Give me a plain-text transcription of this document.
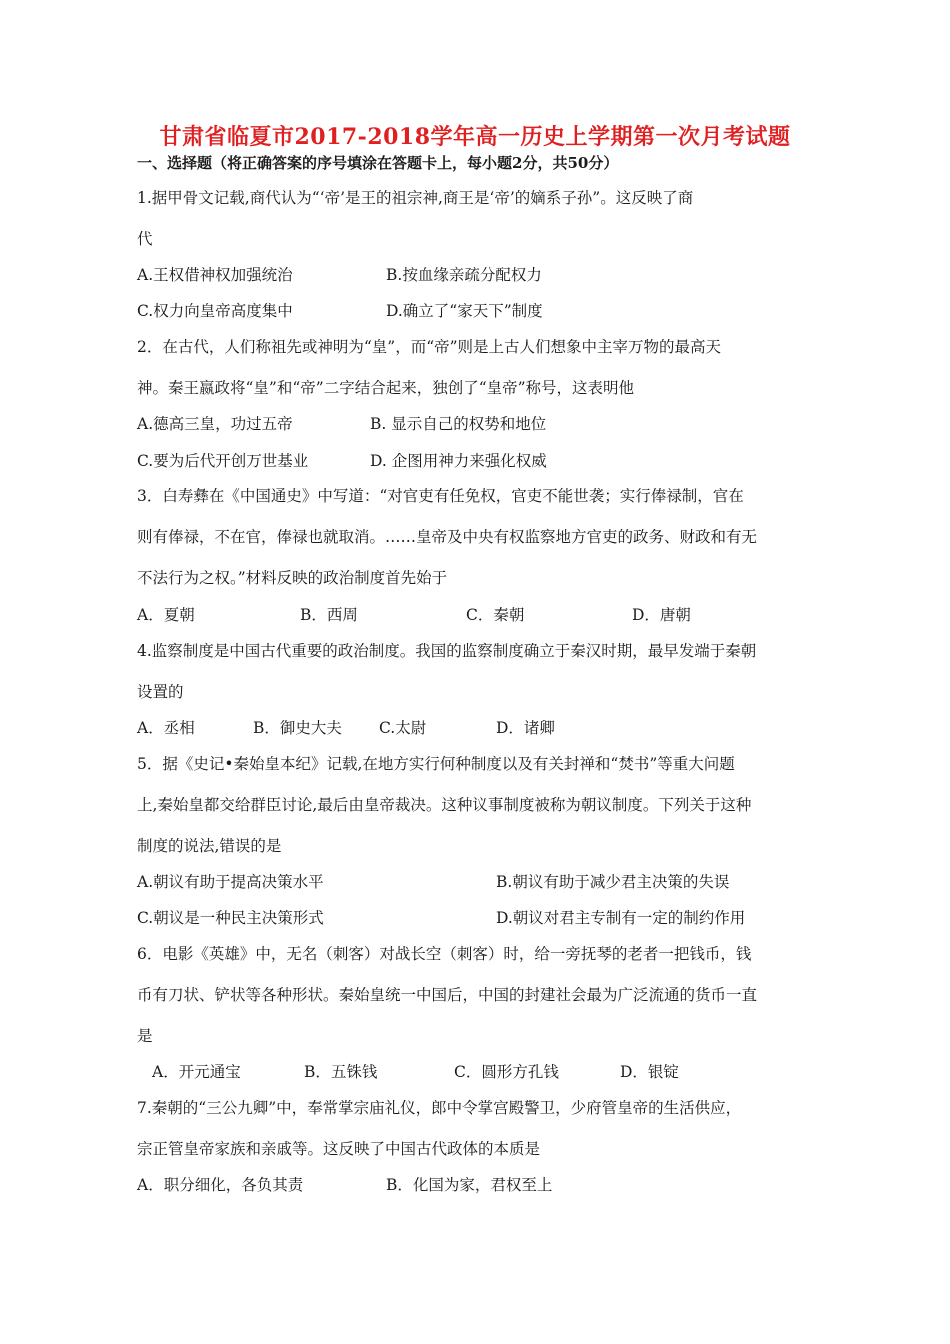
甘肃省临夏市2017-2018学年高一历史上学期第一次月考试题
一、选择题（将正确答案的序号填涂在答题卡上，每小题2分，共50分）
1.据甲骨文记载,商代认为“‘帝’是王的祖宗神,商王是‘帝’的嫡系子孙”。这反映了商
代
A.王权借神权加强统治	B.按血缘亲疏分配权力
C.权力向皇帝高度集中	D.确立了“家天下”制度
2．在古代，人们称祖先或神明为“皇”，而“帝”则是上古人们想象中主宰万物的最高天
神。秦王嬴政将“皇”和“帝”二字结合起来，独创了“皇帝”称号，这表明他
A.德高三皇，功过五帝	B. 显示自己的权势和地位
C.要为后代开创万世基业	D. 企图用神力来强化权威
3．白寿彝在《中国通史》中写道：“对官吏有任免权，官吏不能世袭；实行俸禄制，官在
则有俸禄，不在官，俸禄也就取消。……皇帝及中央有权监察地方官吏的政务、财政和有无
不法行为之权。”材料反映的政治制度首先始于
A．夏朝	B．西周	C．秦朝	D．唐朝
4.监察制度是中国古代重要的政治制度。我国的监察制度确立于秦汉时期，最早发端于秦朝
设置的
A．丞相	B．御史大夫 C.太尉	D．诸卿
5．据《史记•秦始皇本纪》记载,在地方实行何种制度以及有关封禅和“焚书”等重大问题
上,秦始皇都交给群臣讨论,最后由皇帝裁决。这种议事制度被称为朝议制度。下列关于这种
制度的说法,错误的是
A.朝议有助于提高决策水平	B.朝议有助于减少君主决策的失误
C.朝议是一种民主决策形式	D.朝议对君主专制有一定的制约作用
6．电影《英雄》中，无名（刺客）对战长空（刺客）时，给一旁抚琴的老者一把钱币，钱
币有刀状、铲状等各种形状。秦始皇统一中国后，中国的封建社会最为广泛流通的货币一直
是
A．开元通宝	B．五铢钱	C．圆形方孔钱	D．银锭
7.秦朝的“三公九卿”中，奉常掌宗庙礼仪，郎中令掌宫殿警卫，少府管皇帝的生活供应，
宗正管皇帝家族和亲戚等。这反映了中国古代政体的本质是
A．职分细化，各负其责	B．化国为家，君权至上
